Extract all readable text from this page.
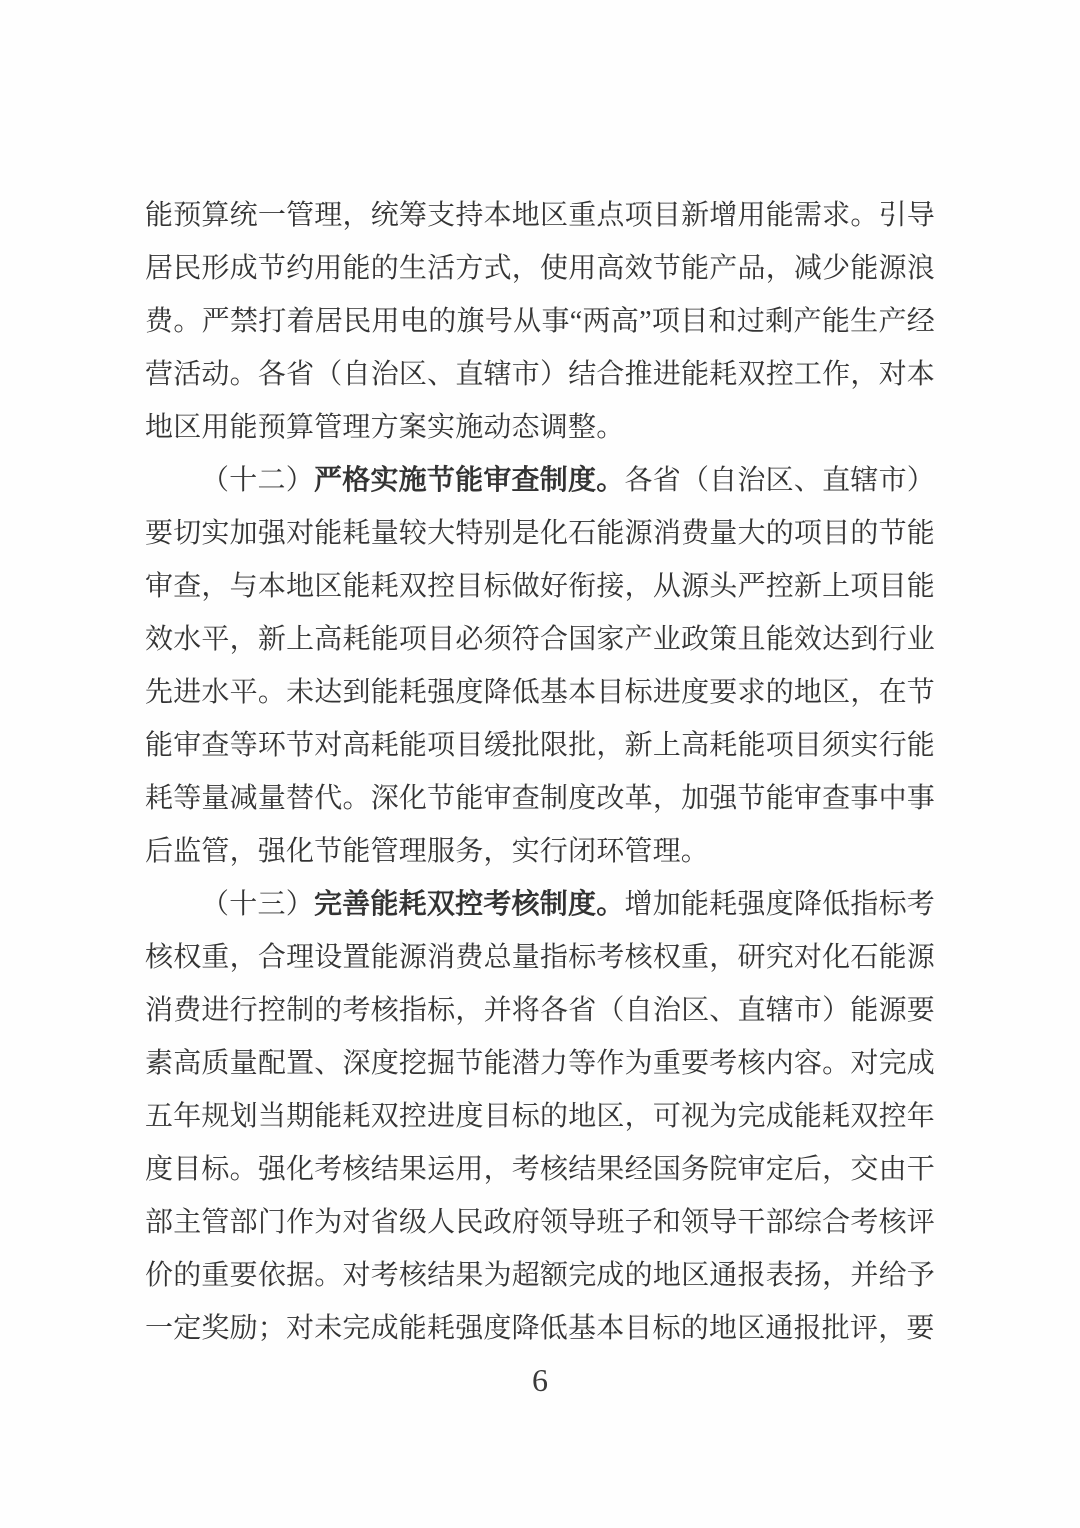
能预算统一管理，统筹支持本地区重点项目新增用能需求。引导居民形成节约用能的生活方式，使用高效节能产品，减少能源浪费。严禁打着居民用电的旗号从事“两高”项目和过剩产能生产经营活动。各省（自治区、直辖市）结合推进能耗双控工作，对本地区用能预算管理方案实施动态调整。

（十二）严格实施节能审查制度。各省（自治区、直辖市）要切实加强对能耗量较大特别是化石能源消费量大的项目的节能审查，与本地区能耗双控目标做好衔接，从源头严控新上项目能效水平，新上高耗能项目必须符合国家产业政策且能效达到行业先进水平。未达到能耗强度降低基本目标进度要求的地区，在节能审查等环节对高耗能项目缓批限批，新上高耗能项目须实行能耗等量减量替代。深化节能审查制度改革，加强节能审查事中事后监管，强化节能管理服务，实行闭环管理。

（十三）完善能耗双控考核制度。增加能耗强度降低指标考核权重，合理设置能源消费总量指标考核权重，研究对化石能源消费进行控制的考核指标，并将各省（自治区、直辖市）能源要素高质量配置、深度挖掘节能潜力等作为重要考核内容。对完成五年规划当期能耗双控进度目标的地区，可视为完成能耗双控年度目标。强化考核结果运用，考核结果经国务院审定后，交由干部主管部门作为对省级人民政府领导班子和领导干部综合考核评价的重要依据。对考核结果为超额完成的地区通报表扬，并给予一定奖励；对未完成能耗强度降低基本目标的地区通报批评，要

6
